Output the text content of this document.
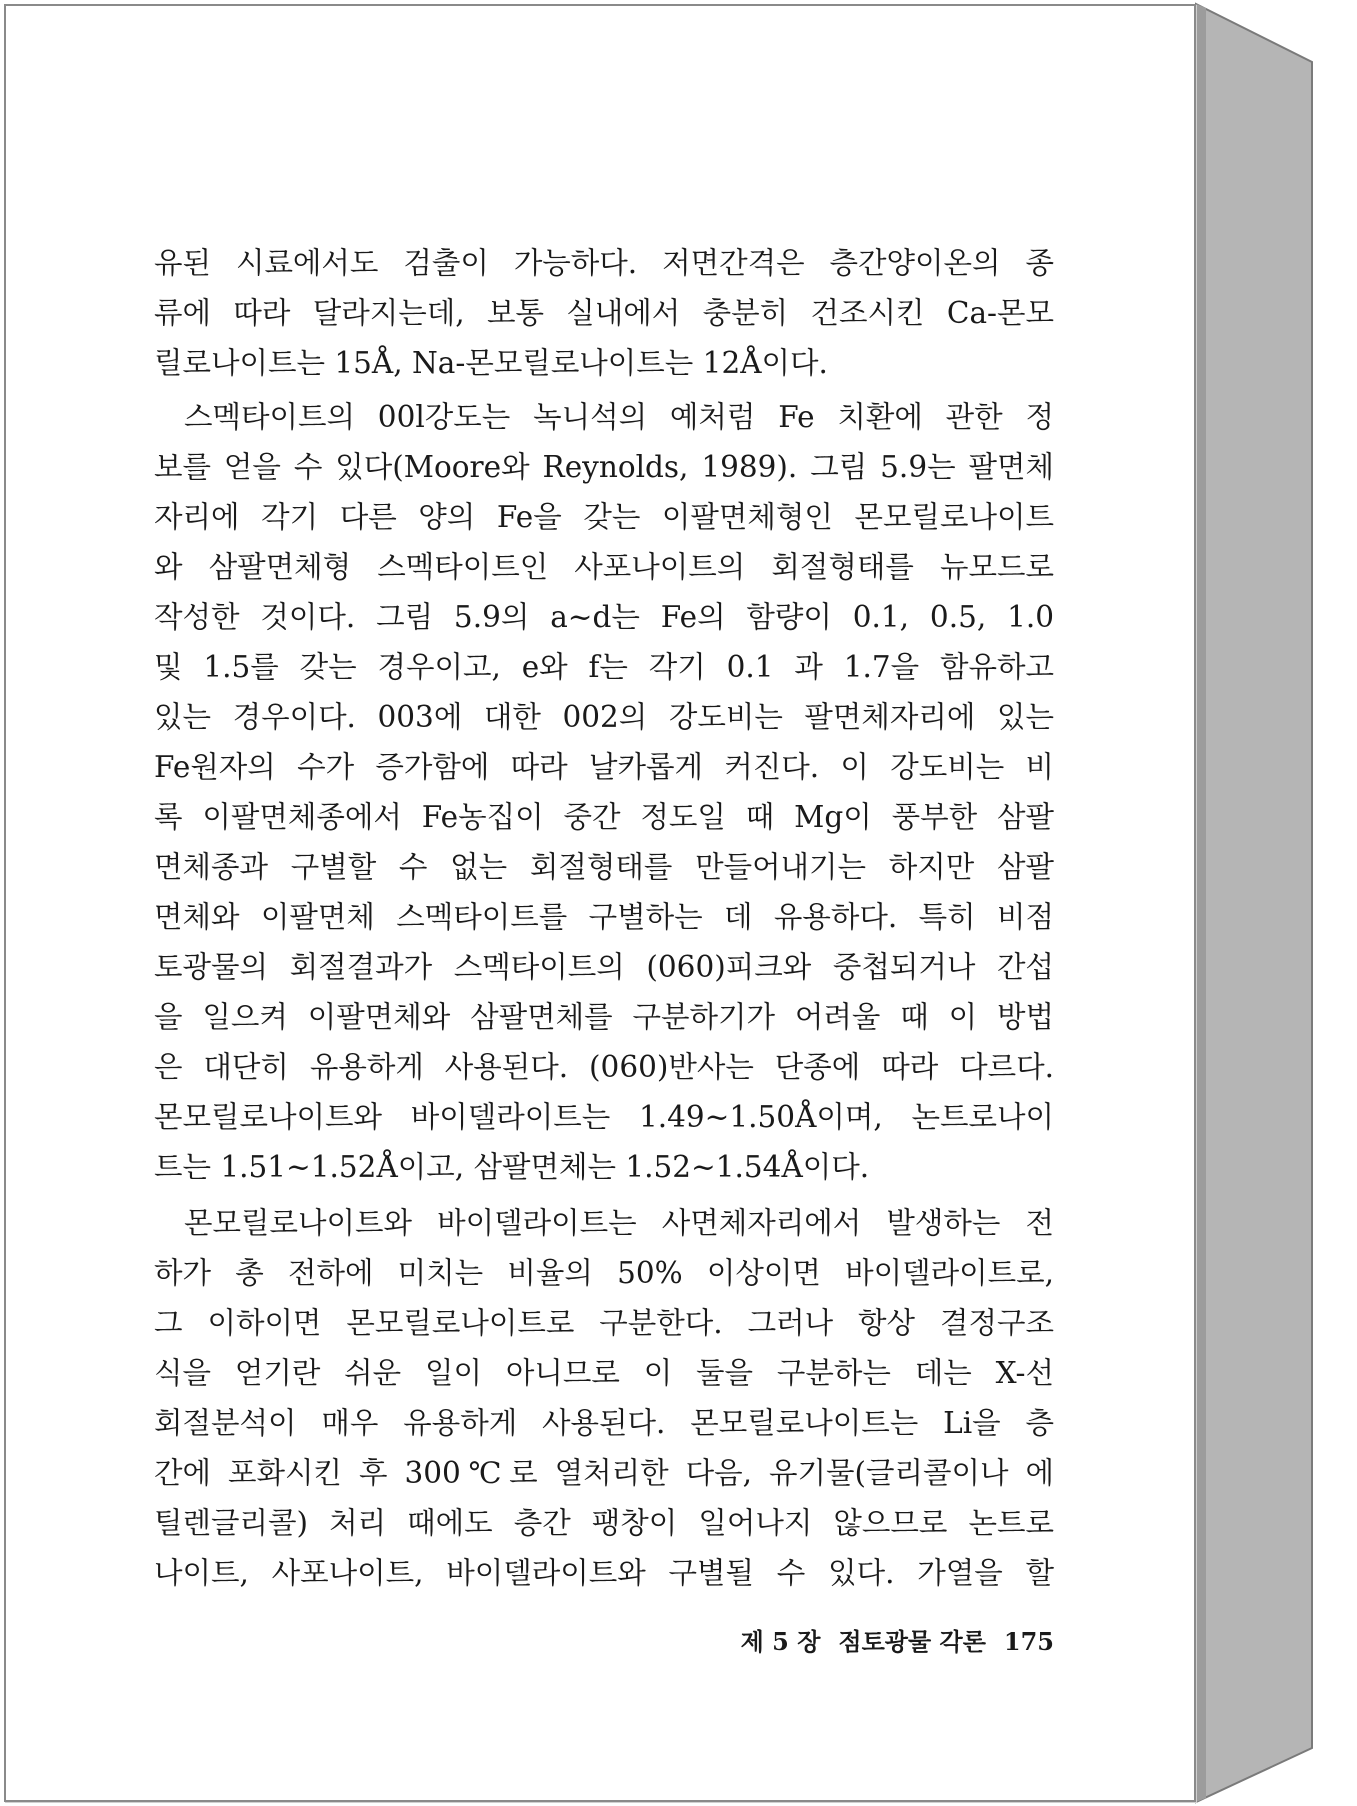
유된 시료에서도 검출이 가능하다. 저면간격은 층간양이온의 종
류에 따라 달라지는데, 보통 실내에서 충분히 건조시킨 Ca-몬모
릴로나이트는 15Å, Na-몬모릴로나이트는 12Å이다.
스멕타이트의 00l강도는 녹니석의 예처럼 Fe 치환에 관한 정
보를 얻을 수 있다(Moore와 Reynolds, 1989). 그림 5.9는 팔면체
자리에 각기 다른 양의 Fe을 갖는 이팔면체형인 몬모릴로나이트
와 삼팔면체형 스멕타이트인 사포나이트의 회절형태를 뉴모드로
작성한 것이다. 그림 5.9의 a~d는 Fe의 함량이 0.1, 0.5, 1.0
및 1.5를 갖는 경우이고, e와 f는 각기 0.1 과 1.7을 함유하고
있는 경우이다. 003에 대한 002의 강도비는 팔면체자리에 있는
Fe원자의 수가 증가함에 따라 날카롭게 커진다. 이 강도비는 비
록 이팔면체종에서 Fe농집이 중간 정도일 때 Mg이 풍부한 삼팔
면체종과 구별할 수 없는 회절형태를 만들어내기는 하지만 삼팔
면체와 이팔면체 스멕타이트를 구별하는 데 유용하다. 특히 비점
토광물의 회절결과가 스멕타이트의 (060)피크와 중첩되거나 간섭
을 일으켜 이팔면체와 삼팔면체를 구분하기가 어려울 때 이 방법
은 대단히 유용하게 사용된다. (060)반사는 단종에 따라 다르다.
몬모릴로나이트와 바이델라이트는 1.49~1.50Å이며, 논트로나이
트는 1.51~1.52Å이고, 삼팔면체는 1.52~1.54Å이다.
몬모릴로나이트와 바이델라이트는 사면체자리에서 발생하는 전
하가 총 전하에 미치는 비율의 50% 이상이면 바이델라이트로,
그 이하이면 몬모릴로나이트로 구분한다. 그러나 항상 결정구조
식을 얻기란 쉬운 일이 아니므로 이 둘을 구분하는 데는 X-선
회절분석이 매우 유용하게 사용된다. 몬모릴로나이트는 Li을 층
간에 포화시킨 후 300℃로 열처리한 다음, 유기물(글리콜이나 에
틸렌글리콜) 처리 때에도 층간 팽창이 일어나지 않으므로 논트로
나이트, 사포나이트, 바이델라이트와 구별될 수 있다. 가열을 할
제 5 장 점토광물 각론 175
